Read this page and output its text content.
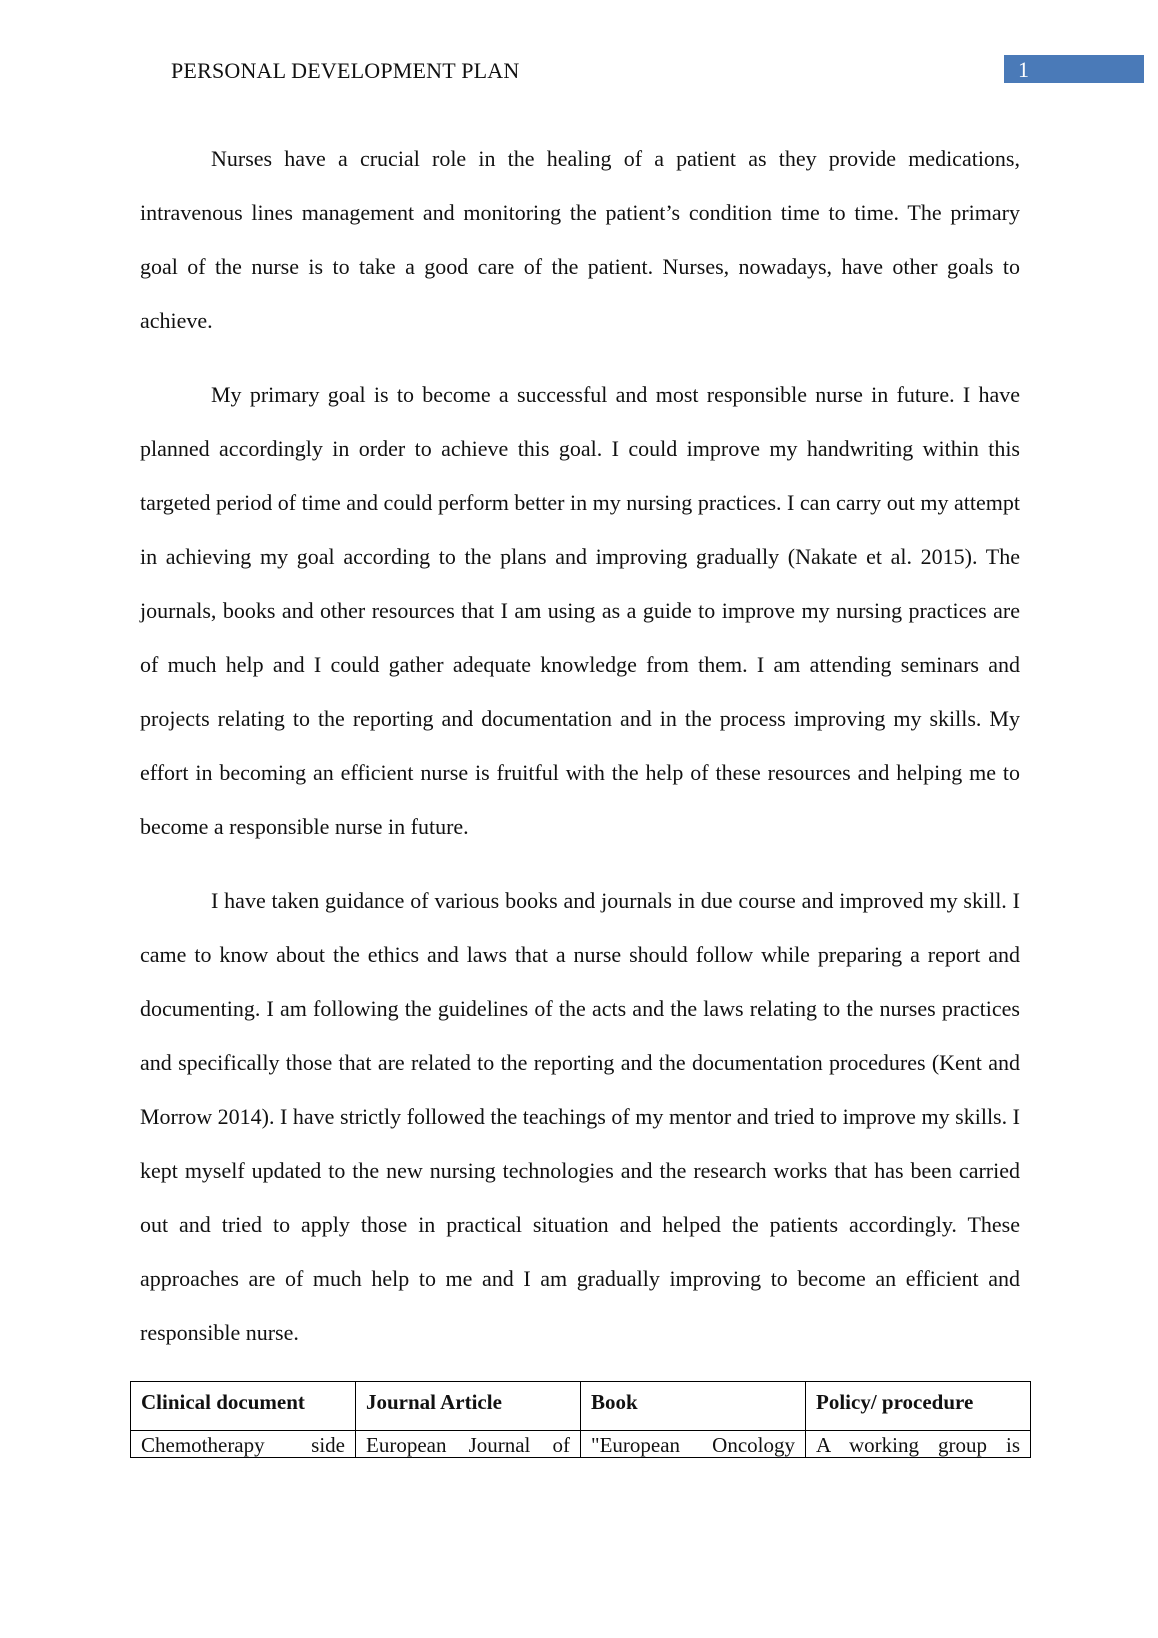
PERSONAL DEVELOPMENT PLAN	1

Nurses have a crucial role in the healing of a patient as they provide medications, intravenous lines management and monitoring the patient’s condition time to time. The primary goal of the nurse is to take a good care of the patient. Nurses, nowadays, have other goals to achieve.

My primary goal is to become a successful and most responsible nurse in future. I have planned accordingly in order to achieve this goal. I could improve my handwriting within this targeted period of time and could perform better in my nursing practices. I can carry out my attempt in achieving my goal according to the plans and improving gradually (Nakate et al. 2015). The journals, books and other resources that I am using as a guide to improve my nursing practices are of much help and I could gather adequate knowledge from them. I am attending seminars and projects relating to the reporting and documentation and in the process improving my skills. My effort in becoming an efficient nurse is fruitful with the help of these resources and helping me to become a responsible nurse in future.

I have taken guidance of various books and journals in due course and improved my skill. I came to know about the ethics and laws that a nurse should follow while preparing a report and documenting. I am following the guidelines of the acts and the laws relating to the nurses practices and specifically those that are related to the reporting and the documentation procedures (Kent and Morrow 2014). I have strictly followed the teachings of my mentor and tried to improve my skills. I kept myself updated to the new nursing technologies and the research works that has been carried out and tried to apply those in practical situation and helped the patients accordingly. These approaches are of much help to me and I am gradually improving to become an efficient and responsible nurse.

Clinical document	Journal Article	Book	Policy/ procedure
Chemotherapy side	European Journal of	"European Oncology	A working group is
